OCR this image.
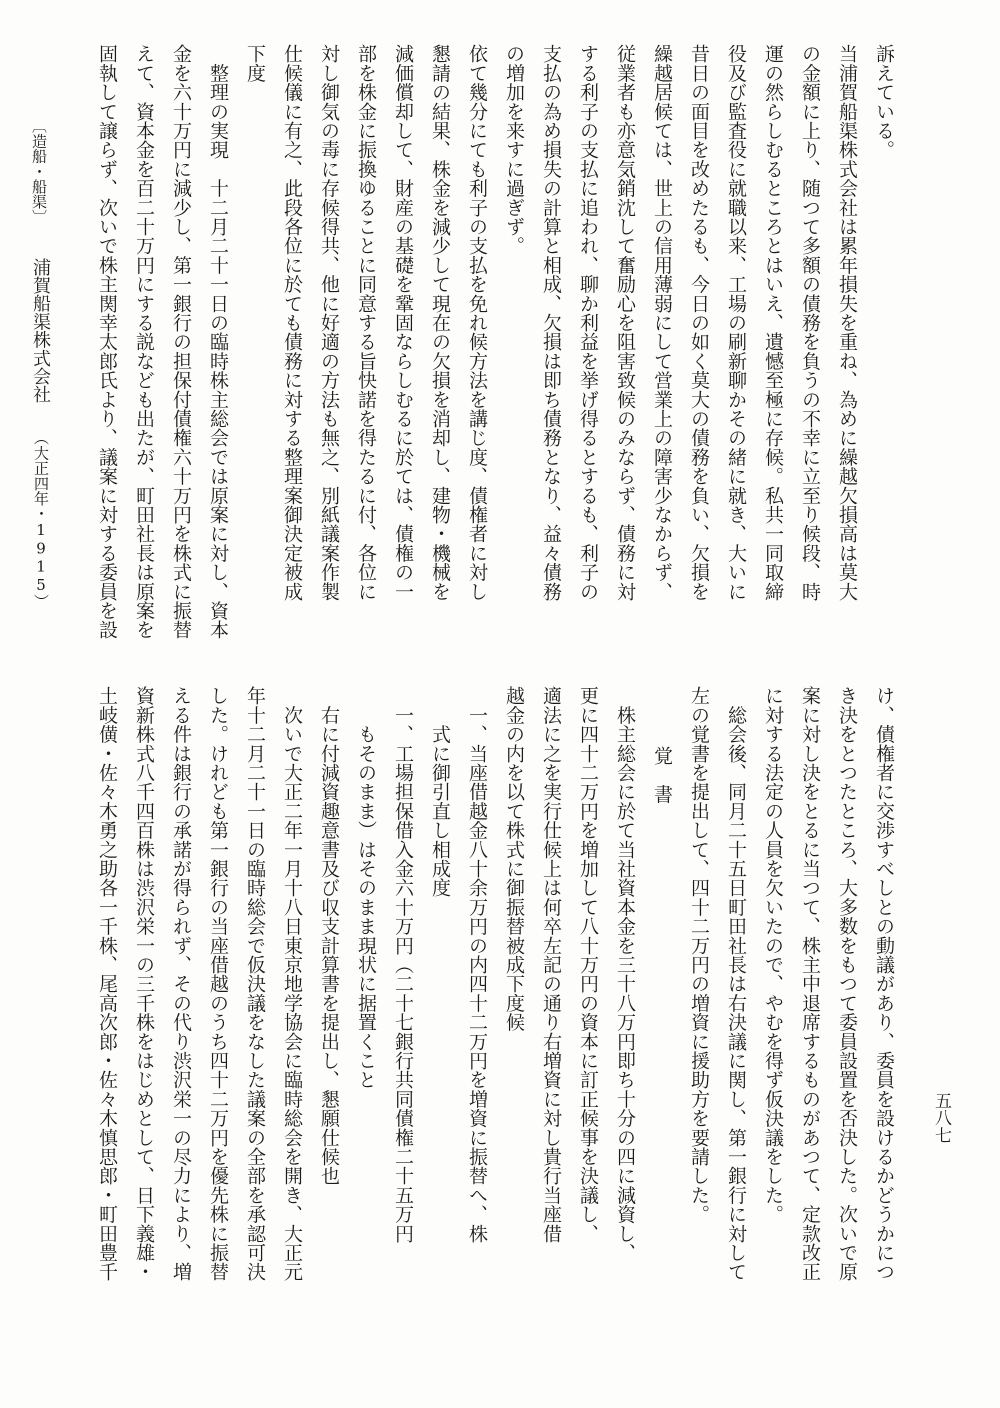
訴えている。

当浦賀船渠株式会社は累年損失を重ね、為めに繰越欠損高は莫大

の金額に上り、随つて多額の債務を負うの不幸に立至り候段、時

運の然らしむるところとはいえ、遺憾至極に存候。私共一同取締

役及び監査役に就職以来、工場の刷新聊かその緒に就き、大いに

昔日の面目を改めたるも、今日の如く莫大の債務を負い、欠損を

繰越居候ては、世上の信用薄弱にして営業上の障害少なからず、

従業者も亦意気銷沈して奮励心を阻害致候のみならず、債務に対

する利子の支払に追われ、聊か利益を挙げ得るとするも、利子の

支払の為め損失の計算と相成、欠損は即ち債務となり、益々債務

の増加を来すに過ぎず。

依て幾分にても利子の支払を免れ候方法を講じ度、債権者に対し

懇請の結果、株金を減少して現在の欠損を消却し、建物・機械を

減価償却して、財産の基礎を鞏固ならしむるに於ては、債権の一

部を株金に振換ゆることに同意する旨快諾を得たるに付、各位に

対し御気の毒に存候得共、他に好適の方法も無之、別紙議案作製

仕候儀に有之、此段各位に於ても債務に対する整理案御決定被成

下度

　整理の実現　十二月二十一日の臨時株主総会では原案に対し、資本

金を六十万円に減少し、第一銀行の担保付債権六十万円を株式に振替

えて、資本金を百二十万円にする説なども出たが、町田社長は原案を

固執して譲らず、次いで株主関幸太郎氏より、議案に対する委員を設

け、債権者に交渉すべしとの動議があり、委員を設けるかどうかにつ

き決をとつたところ、大多数をもつて委員設置を否決した。次いで原

案に対し決をとるに当つて、株主中退席するものがあつて、定款改正

に対する法定の人員を欠いたので、やむを得ず仮決議をした。

　総会後、同月二十五日町田社長は右決議に関し、第一銀行に対して

左の覚書を提出して、四十二万円の増資に援助方を要請した。

覚　書

　株主総会に於て当社資本金を三十八万円即ち十分の四に減資し、

更に四十二万円を増加して八十万円の資本に訂正候事を決議し、

適法に之を実行仕候上は何卒左記の通り右増資に対し貴行当座借

越金の内を以て株式に御振替被成下度候

　一、当座借越金八十余万円の内四十二万円を増資に振替へ、株

　　式に御引直し相成度

　一、工場担保借入金六十万円（二十七銀行共同債権二十五万円

　　もそのまま）はそのまま現状に据置くこと

　右に付減資趣意書及び収支計算書を提出し、懇願仕候也

　次いで大正二年一月十八日東京地学協会に臨時総会を開き、大正元

年十二月二十一日の臨時総会で仮決議をなした議案の全部を承認可決

した。けれども第一銀行の当座借越のうち四十二万円を優先株に振替

える件は銀行の承諾が得られず、その代り渋沢栄一の尽力により、増

資新株式八千四百株は渋沢栄一の三千株をはじめとして、日下義雄・

土岐僙・佐々木勇之助各一千株、尾高次郎・佐々木慎思郎・町田豊千

〔造船・船渠〕

浦賀船渠株式会社

（大正四年・1915）

五八七
